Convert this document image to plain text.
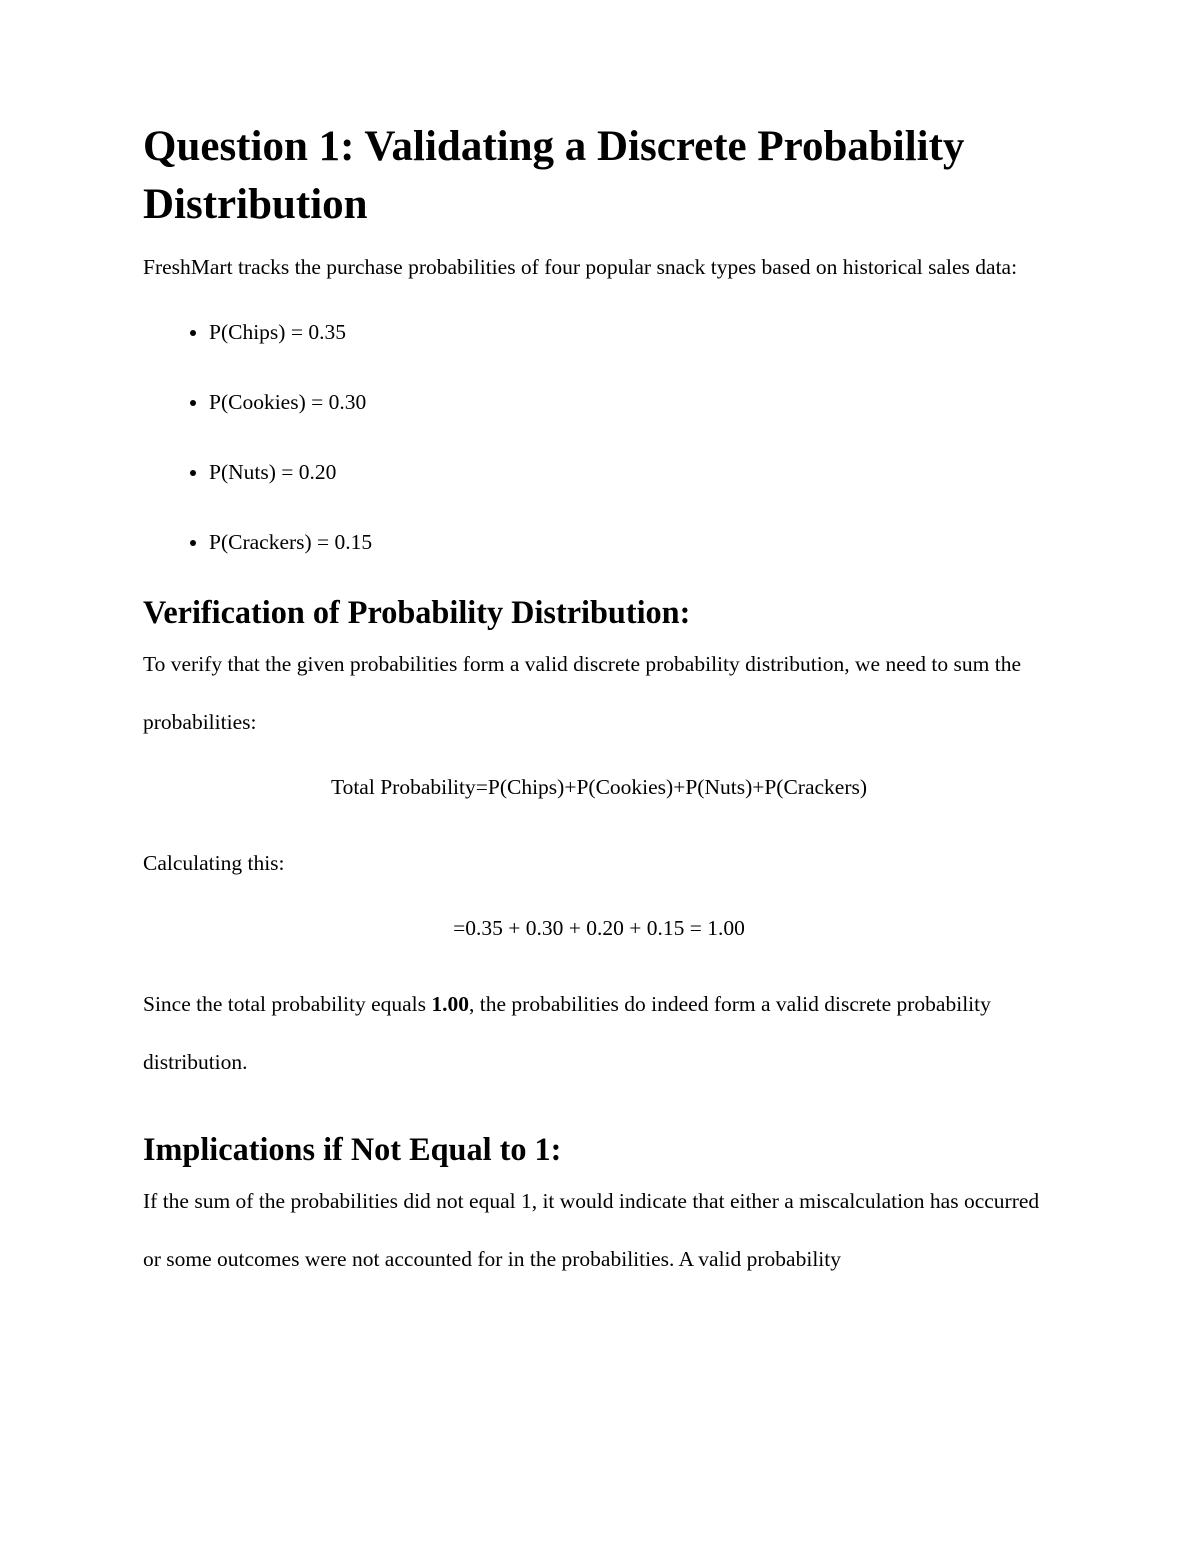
Question 1: Validating a Discrete Probability Distribution

FreshMart tracks the purchase probabilities of four popular snack types based on historical sales data:

• P(Chips) = 0.35
• P(Cookies) = 0.30
• P(Nuts) = 0.20
• P(Crackers) = 0.15
Verification of Probability Distribution:

To verify that the given probabilities form a valid discrete probability distribution, we need to sum the probabilities:

Total Probability=P(Chips)+P(Cookies)+P(Nuts)+P(Crackers)

Calculating this:

=0.35 + 0.30 + 0.20 + 0.15 = 1.00

Since the total probability equals 1.00, the probabilities do indeed form a valid discrete probability distribution.

Implications if Not Equal to 1:

If the sum of the probabilities did not equal 1, it would indicate that either a miscalculation has occurred or some outcomes were not accounted for in the probabilities. A valid probability
